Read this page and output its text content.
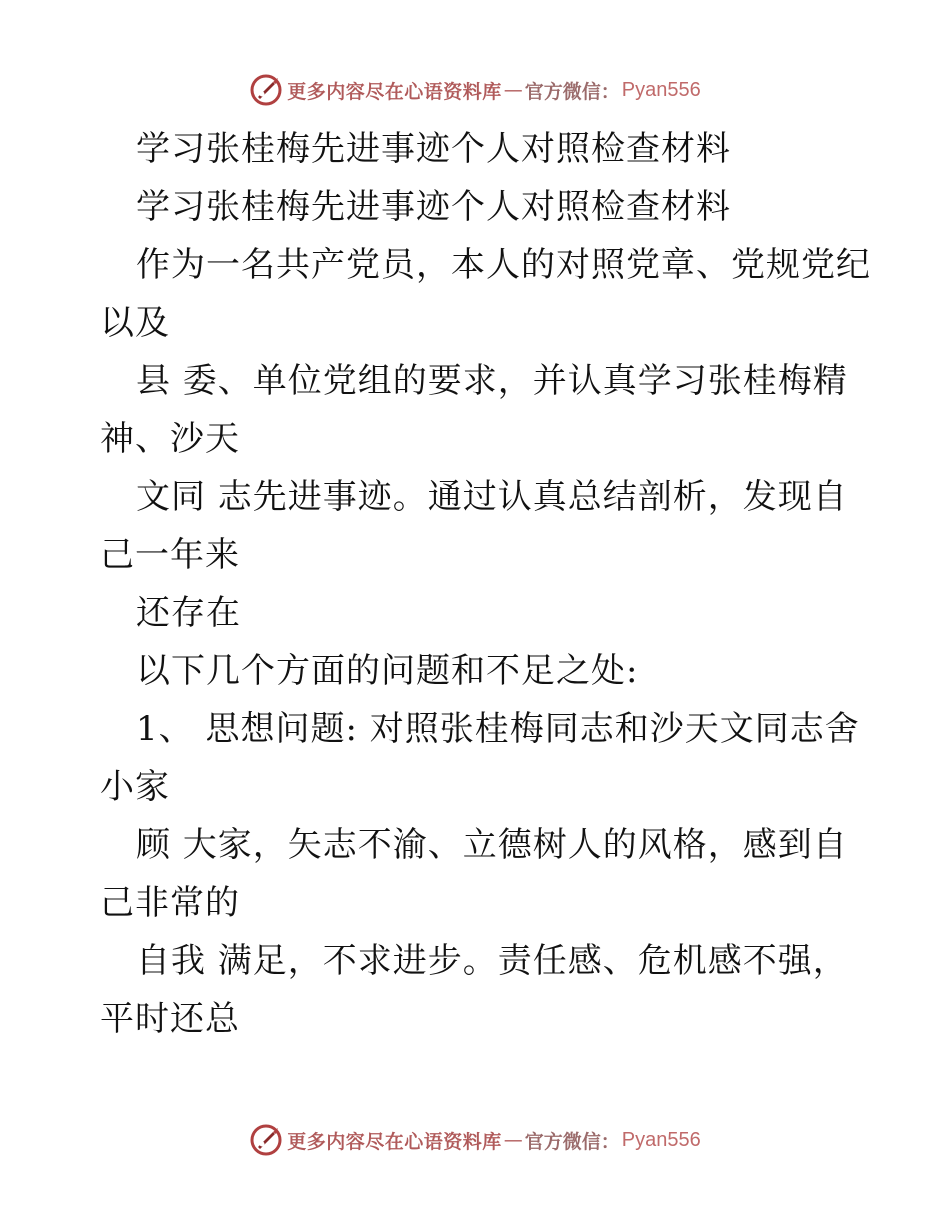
更多内容尽在心语资料库 — 官方微信： Pyan556
学习张桂梅先进事迹个人对照检查材料
学习张桂梅先进事迹个人对照检查材料
作为一名共产党员，本人的对照党章、党规党纪
以及
县 委、单位党组的要求，并认真学习张桂梅精
神、沙天
文同 志先进事迹。通过认真总结剖析，发现自
己一年来
还存在
以下几个方面的问题和不足之处:
1、 思想问题: 对照张桂梅同志和沙天文同志舍
小家
顾 大家，矢志不渝、立德树人的风格，感到自
己非常的
自我 满足，不求进步。责任感、危机感不强，
平时还总
更多内容尽在心语资料库 — 官方微信： Pyan556
